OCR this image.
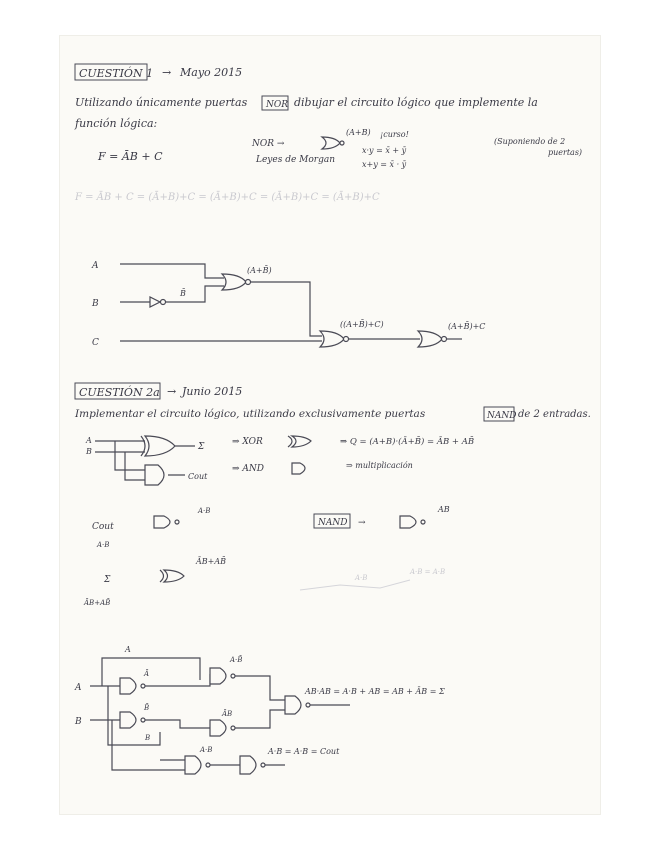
CUESTIÓN 1 → Mayo 2015
Utilizando únicamente puertas NOR dibujar el circuito lógico que implemente la
función lógica:
F = ĀB + C
NOR →
(A+B) ¡curso!
Leyes de Morgan
x·y = x̄ + ȳ
x+y = x̄ · ȳ
(Suponiendo de 2
puertas)
F = ĀB + C = (Ā+B)+C = (Ā+B)+C = (Ā+B)+C = (Ā+B)+C
A
B
C
B̄
(A+B̄)
((A+B̄)+C)	(A+B̄)+C
CUESTIÓN 2a → Junio 2015
Implementar el circuito lógico, utilizando exclusivamente puertas	NAND de 2 entradas.
A
B	Σ
Cout
⇒ XOR	⇒ Q = (A+B)·(Ā+B̄) = ĀB + AB̄
⇒ AND	⇒ multiplicación
Cout
A·B
A·B
NAND →
AB
Σ
ĀB+AB̄
ĀB+AB̄
A·B
A·B = A·B
A
A
B
Ā
B̄
A·B̄
ĀB
AB·AB = A·B + AB = AB + ĀB = Σ
B
A·B	A·B = A·B = Cout
